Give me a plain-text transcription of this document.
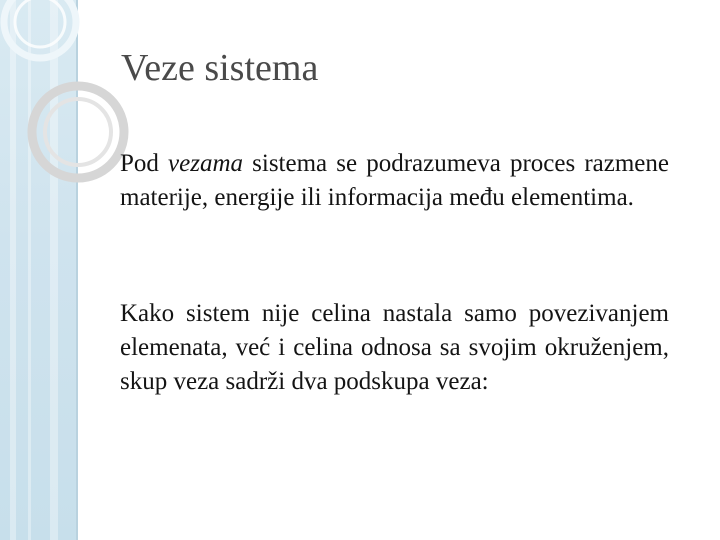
Veze sistema

Pod vezama sistema se podrazumeva proces razmene materije, energije ili informacija među elementima.

Kako sistem nije celina nastala samo povezivanjem elemenata, već i celina odnosa sa svojim okruženjem, skup veza sadrži dva podskupa veza:
